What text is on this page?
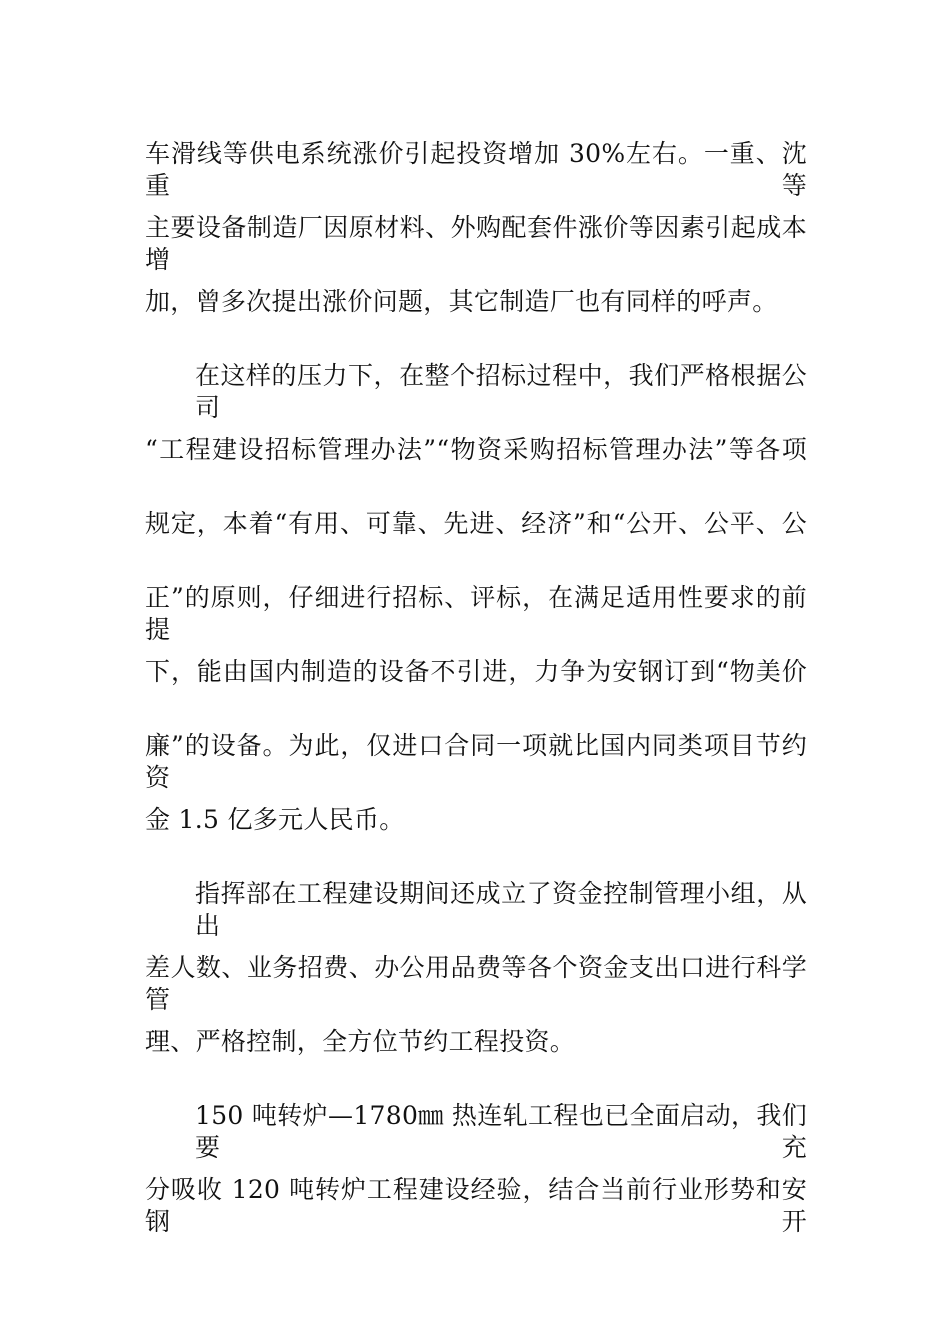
车滑线等供电系统涨价引起投资增加 30%左右。一重、沈重等
主要设备制造厂因原材料、外购配套件涨价等因素引起成本增
加，曾多次提出涨价问题，其它制造厂也有同样的呼声。
在这样的压力下，在整个招标过程中，我们严格根据公司
“工程建设招标管理办法”“物资采购招标管理办法”等各项
规定，本着“有用、可靠、先进、经济”和“公开、公平、公
正”的原则，仔细进行招标、评标，在满足适用性要求的前提
下，能由国内制造的设备不引进，力争为安钢订到“物美价
廉”的设备。为此，仅进口合同一项就比国内同类项目节约资
金 1.5 亿多元人民币。
指挥部在工程建设期间还成立了资金控制管理小组，从出
差人数、业务招费、办公用品费等各个资金支出口进行科学管
理、严格控制，全方位节约工程投资。
150 吨转炉—1780㎜ 热连轧工程也已全面启动，我们要充
分吸收 120 吨转炉工程建设经验，结合当前行业形势和安钢开
